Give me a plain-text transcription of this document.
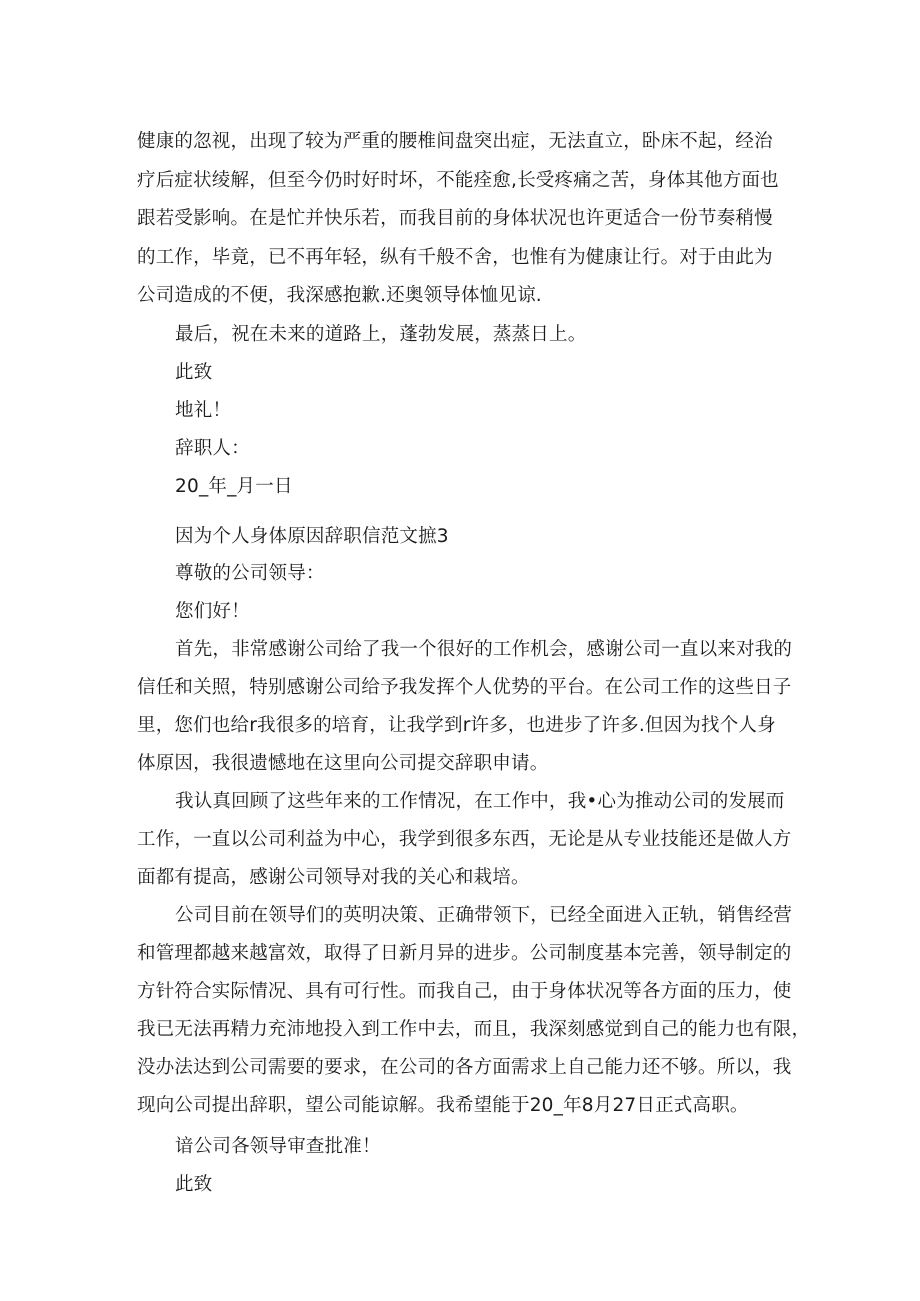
健康的忽视，出现了较为严重的腰椎间盘突出症，无法直立，卧床不起，经治
疗后症状绫解，但至今仍时好时坏，不能痊愈,长受疼痛之苦，身体其他方面也
跟若受影响。在是忙并快乐若，而我目前的身体状况也许更适合一份节奏稍慢
的工作，毕竟，已不再年轻，纵有千般不舍，也惟有为健康让行。对于由此为
公司造成的不便，我深感抱歉.还奥领导体恤见谅.
最后，祝在未来的道路上，蓬勃发展，蒸蒸日上。
此致
地礼！
辞职人：
20_年_月一日
因为个人身体原因辞职信范文摭3
尊敬的公司领导：
您们好！
首先，非常感谢公司给了我一个很好的工作机会，感谢公司一直以来对我的
信任和关照，特别感谢公司给予我发挥个人优势的平台。在公司工作的这些日子
里，您们也给r我很多的培育，让我学到r许多，也进步了许多.但因为找个人身
体原因，我很遗憾地在这里向公司提交辞职申请。
我认真回顾了这些年来的工作情况，在工作中，我•心为推动公司的发展而
工作，一直以公司利益为中心，我学到很多东西，无论是从专业技能还是做人方
面都有提高，感谢公司领导对我的关心和栽培。
公司目前在领导们的英明决策、正确带领下，已经全面进入正轨，销售经营
和管理都越来越富效，取得了日新月异的进步。公司制度基本完善，领导制定的
方针符合实际情况、具有可行性。而我自己，由于身体状况等各方面的压力，使
我已无法再精力充沛地投入到工作中去，而且，我深刻感觉到自己的能力也有限，
没办法达到公司需要的要求，在公司的各方面需求上自己能力还不够。所以，我
现向公司提出辞职，望公司能谅解。我希望能于20_年8月27日正式高职。
谙公司各领导审查批准！
此致
